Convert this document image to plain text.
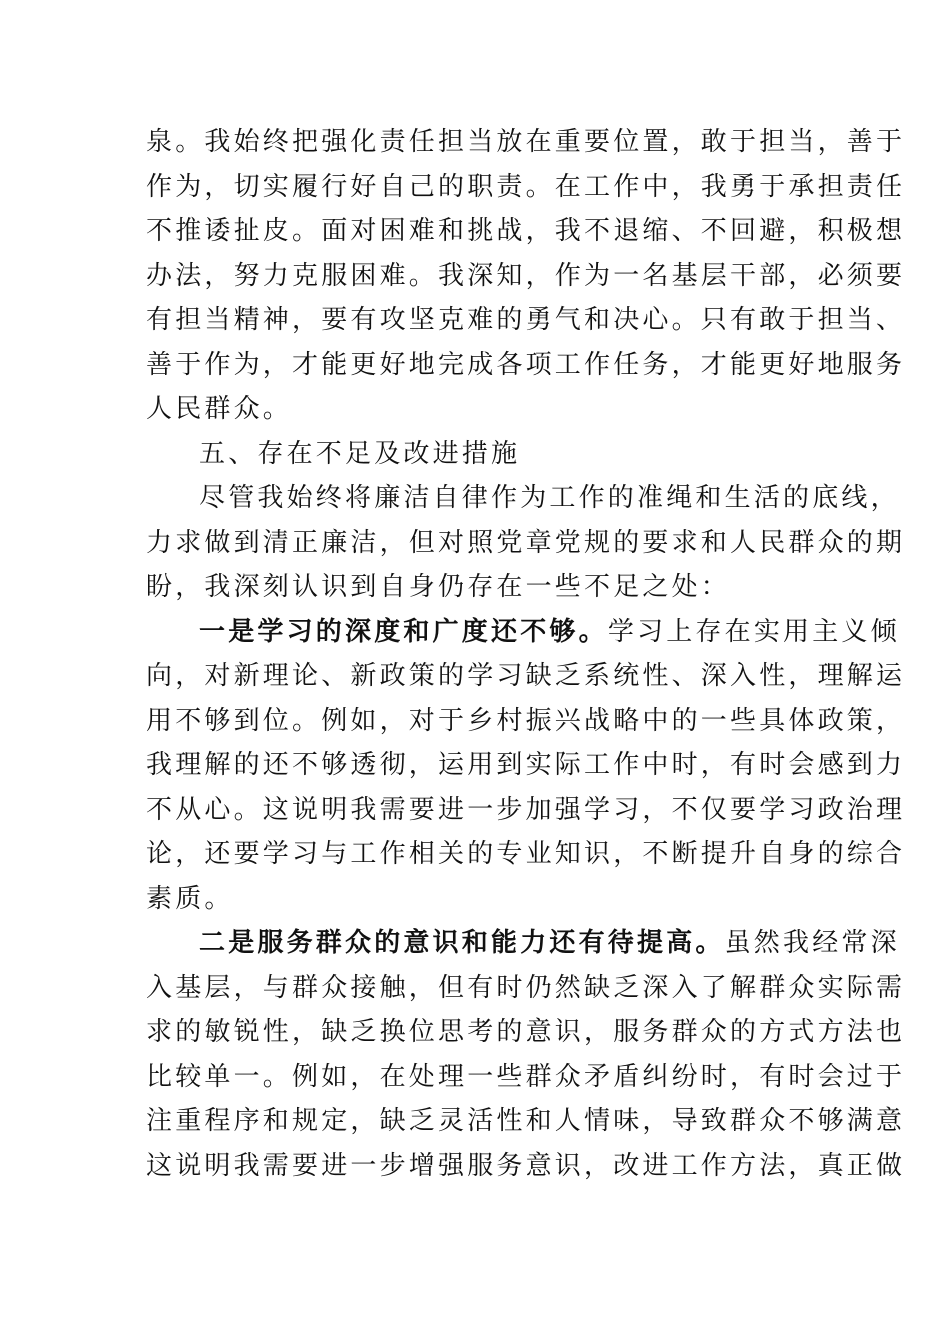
泉。我始终把强化责任担当放在重要位置，敢于担当，善于
作为，切实履行好自己的职责。在工作中，我勇于承担责任
不推诿扯皮。面对困难和挑战，我不退缩、不回避，积极想
办法，努力克服困难。我深知，作为一名基层干部，必须要
有担当精神，要有攻坚克难的勇气和决心。只有敢于担当、
善于作为，才能更好地完成各项工作任务，才能更好地服务
人民群众。
五、存在不足及改进措施
尽管我始终将廉洁自律作为工作的准绳和生活的底线，
力求做到清正廉洁，但对照党章党规的要求和人民群众的期
盼，我深刻认识到自身仍存在一些不足之处：
一是学习的深度和广度还不够。学习上存在实用主义倾
向，对新理论、新政策的学习缺乏系统性、深入性，理解运
用不够到位。例如，对于乡村振兴战略中的一些具体政策，
我理解的还不够透彻，运用到实际工作中时，有时会感到力
不从心。这说明我需要进一步加强学习，不仅要学习政治理
论，还要学习与工作相关的专业知识，不断提升自身的综合
素质。
二是服务群众的意识和能力还有待提高。虽然我经常深
入基层，与群众接触，但有时仍然缺乏深入了解群众实际需
求的敏锐性，缺乏换位思考的意识，服务群众的方式方法也
比较单一。例如，在处理一些群众矛盾纠纷时，有时会过于
注重程序和规定，缺乏灵活性和人情味，导致群众不够满意
这说明我需要进一步增强服务意识，改进工作方法，真正做
